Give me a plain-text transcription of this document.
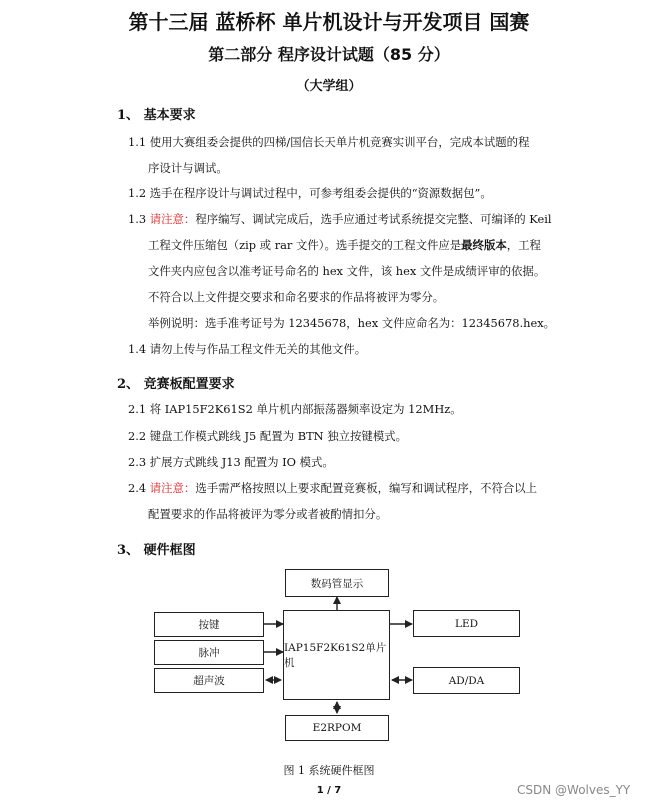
第十三届 蓝桥杯 单片机设计与开发项目 国赛
第二部分 程序设计试题（85 分）
（大学组）
1、 基本要求
1.1 使用大赛组委会提供的四梯/国信长天单片机竞赛实训平台，完成本试题的程
序设计与调试。
1.2 选手在程序设计与调试过程中，可参考组委会提供的“资源数据包”。
1.3 请注意：程序编写、调试完成后，选手应通过考试系统提交完整、可编译的 Keil
工程文件压缩包（zip 或 rar 文件）。选手提交的工程文件应是最终版本，工程
文件夹内应包含以准考证号命名的 hex 文件，该 hex 文件是成绩评审的依据。
不符合以上文件提交要求和命名要求的作品将被评为零分。
举例说明：选手准考证号为 12345678，hex 文件应命名为：12345678.hex。
1.4 请勿上传与作品工程文件无关的其他文件。
2、 竞赛板配置要求
2.1 将 IAP15F2K61S2 单片机内部振荡器频率设定为 12MHz。
2.2 键盘工作模式跳线 J5 配置为 BTN 独立按键模式。
2.3 扩展方式跳线 J13 配置为 IO 模式。
2.4 请注意：选手需严格按照以上要求配置竞赛板，编写和调试程序，不符合以上
配置要求的作品将被评为零分或者被酌情扣分。
3、 硬件框图
数码管显示
IAP15F2K61S2单片机
按键
脉冲
超声波
LED
AD/DA
E2RPOM
图 1 系统硬件框图
1 / 7	CSDN @Wolves_YY
